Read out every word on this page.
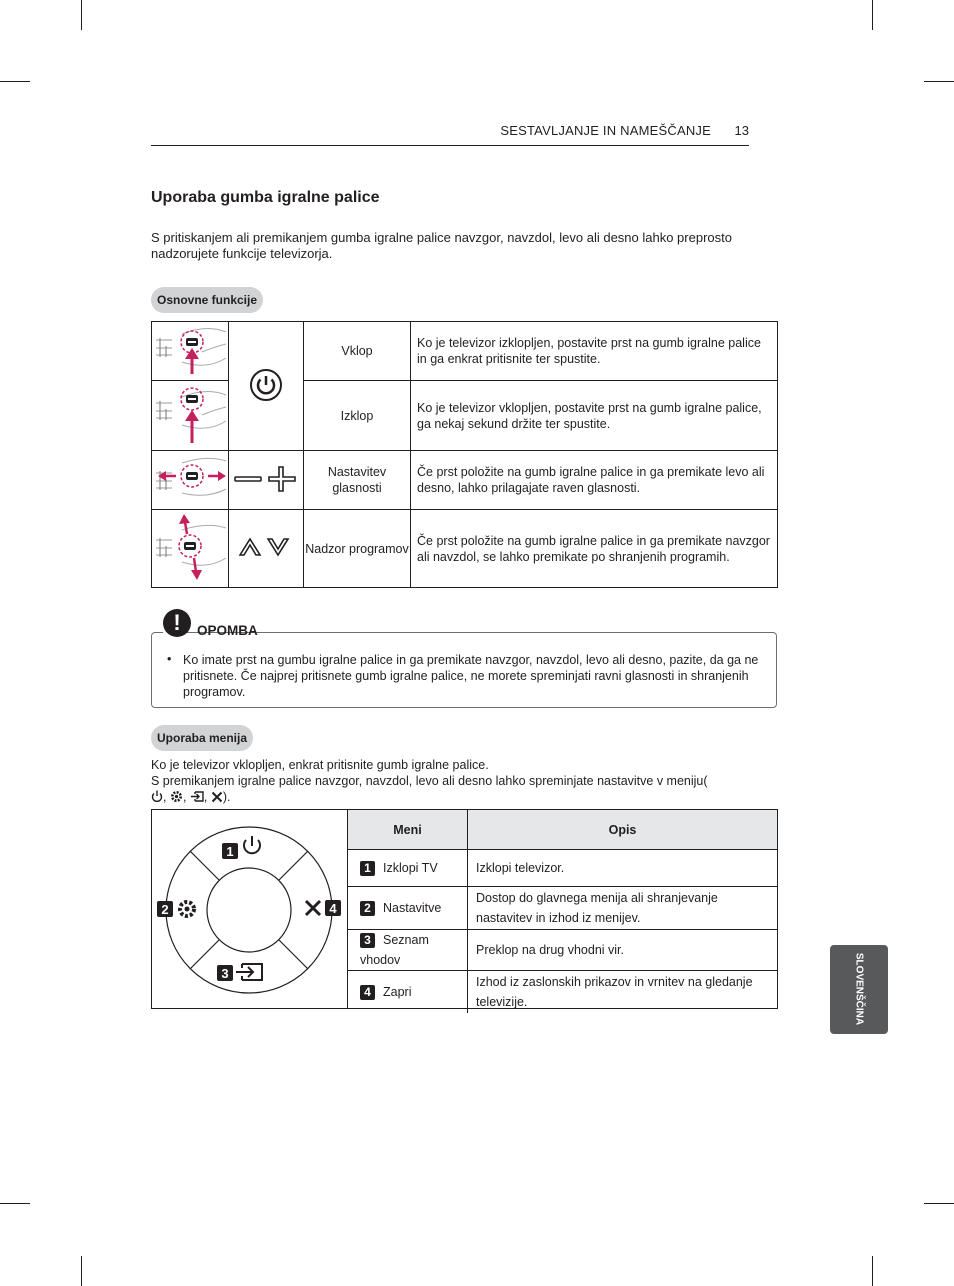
SESTAVLJANJE IN NAMEŠČANJE 13
Uporaba gumba igralne palice
S pritiskanjem ali premikanjem gumba igralne palice navzgor, navzdol, levo ali desno lahko preprosto nadzorujete funkcije televizorja.
Osnovne funkcije
		Vklop	Ko je televizor izklopljen, postavite prst na gumb igralne palice in ga enkrat pritisnite ter spustite.
	Izklop	Ko je televizor vklopljen, postavite prst na gumb igralne palice, ga nekaj sekund držite ter spustite.
		Nastavitev glasnosti	Če prst položite na gumb igralne palice in ga premikate levo ali desno, lahko prilagajate raven glasnosti.
		Nadzor programov	Če prst položite na gumb igralne palice in ga premikate navzgor ali navzdol, se lahko premikate po shranjenih programih.
!	OPOMBA
• Ko imate prst na gumbu igralne palice in ga premikate navzgor, navzdol, levo ali desno, pazite, da ga ne pritisnete. Če najprej pritisnete gumb igralne palice, ne morete spreminjati ravni glasnosti in shranjenih programov.
Uporaba menija
Ko je televizor vklopljen, enkrat pritisnite gumb igralne palice.
S premikanjem igralne palice navzgor, navzdol, levo ali desno lahko spreminjate nastavitve v meniju(
, , , ).
1
2
3
4
Meni	Opis
1 Izklopi TV	Izklopi televizor.
2 Nastavitve	Dostop do glavnega menija ali shranjevanje nastavitev in izhod iz menijev.
3 Seznam vhodov	Preklop na drug vhodni vir.
4 Zapri	Izhod iz zaslonskih prikazov in vrnitev na gledanje televizije.	SLOVENŠČINA
